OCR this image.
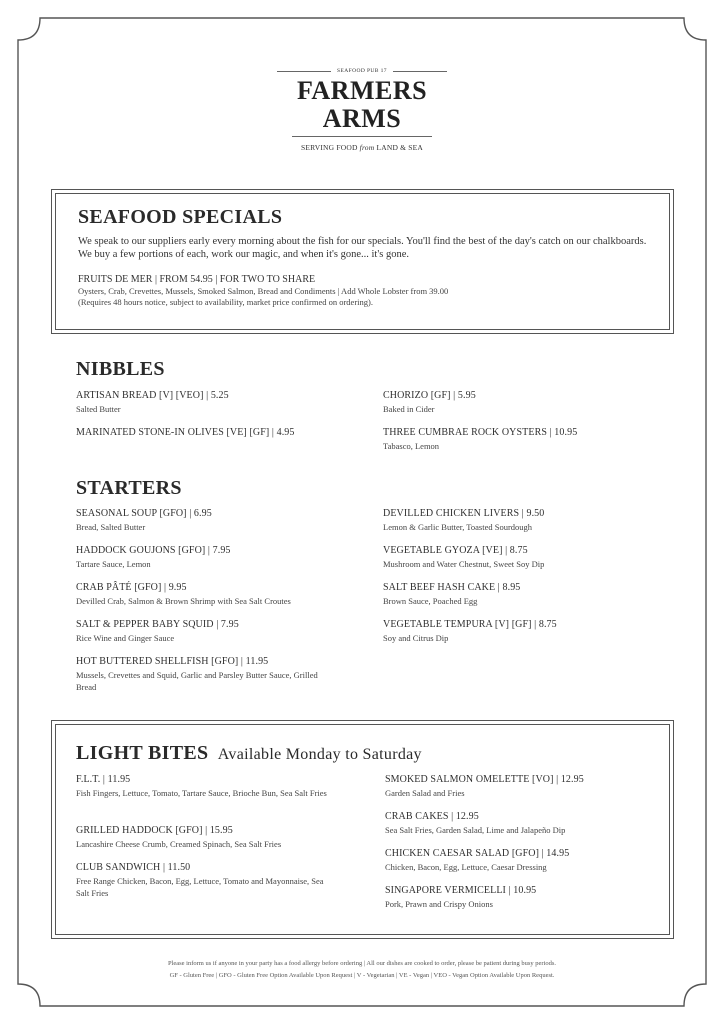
SEAFOOD PUB 17
FARMERS
ARMS
SERVING FOOD from LAND & SEA
SEAFOOD SPECIALS
We speak to our suppliers early every morning about the fish for our specials. You'll find the best of the day's catch on our chalkboards. We buy a few portions of each, work our magic, and when it's gone... it's gone.
FRUITS DE MER | FROM 54.95 | FOR TWO TO SHARE
Oysters, Crab, Crevettes, Mussels, Smoked Salmon, Bread and Condiments | Add Whole Lobster from 39.00
(Requires 48 hours notice, subject to availability, market price confirmed on ordering).
NIBBLES
ARTISAN BREAD [V] [VEO] | 5.25
Salted Butter
MARINATED STONE-IN OLIVES [VE] [GF] | 4.95
CHORIZO [GF] | 5.95
Baked in Cider
THREE CUMBRAE ROCK OYSTERS | 10.95
Tabasco, Lemon
STARTERS
SEASONAL SOUP [GFO] | 6.95
Bread, Salted Butter
HADDOCK GOUJONS [GFO] | 7.95
Tartare Sauce, Lemon
CRAB PÂTÉ [GFO] | 9.95
Devilled Crab, Salmon & Brown Shrimp with Sea Salt Croutes
SALT & PEPPER BABY SQUID | 7.95
Rice Wine and Ginger Sauce
HOT BUTTERED SHELLFISH [GFO] | 11.95
Mussels, Crevettes and Squid, Garlic and Parsley Butter Sauce, Grilled Bread
DEVILLED CHICKEN LIVERS | 9.50
Lemon & Garlic Butter, Toasted Sourdough
VEGETABLE GYOZA [VE] | 8.75
Mushroom and Water Chestnut, Sweet Soy Dip
SALT BEEF HASH CAKE | 8.95
Brown Sauce, Poached Egg
VEGETABLE TEMPURA [V] [GF] | 8.75
Soy and Citrus Dip
LIGHT BITES Available Monday to Saturday
F.L.T. | 11.95
Fish Fingers, Lettuce, Tomato, Tartare Sauce, Brioche Bun, Sea Salt Fries
GRILLED HADDOCK [GFO] | 15.95
Lancashire Cheese Crumb, Creamed Spinach, Sea Salt Fries
CLUB SANDWICH | 11.50
Free Range Chicken, Bacon, Egg, Lettuce, Tomato and Mayonnaise, Sea Salt Fries
SMOKED SALMON OMELETTE [VO] | 12.95
Garden Salad and Fries
CRAB CAKES | 12.95
Sea Salt Fries, Garden Salad, Lime and Jalapeño Dip
CHICKEN CAESAR SALAD [GFO] | 14.95
Chicken, Bacon, Egg, Lettuce, Caesar Dressing
SINGAPORE VERMICELLI | 10.95
Pork, Prawn and Crispy Onions
Please inform us if anyone in your party has a food allergy before ordering | All our dishes are cooked to order, please be patient during busy periods.
GF - Gluten Free | GFO - Gluten Free Option Available Upon Request | V - Vegetarian | VE - Vegan | VEO - Vegan Option Available Upon Request.
